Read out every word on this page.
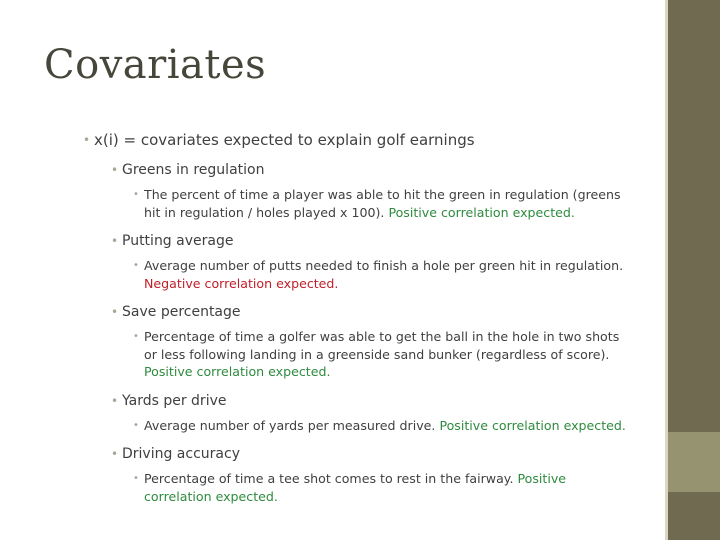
Covariates
• x(i) = covariates expected to explain golf earnings
• Greens in regulation
• The percent of time a player was able to hit the green in regulation (greens hit in regulation / holes played x 100). Positive correlation expected.
• Putting average
• Average number of putts needed to finish a hole per green hit in regulation. Negative correlation expected.
• Save percentage
• Percentage of time a golfer was able to get the ball in the hole in two shots or less following landing in a greenside sand bunker (regardless of score). Positive correlation expected.
• Yards per drive
• Average number of yards per measured drive. Positive correlation expected.
• Driving accuracy
• Percentage of time a tee shot comes to rest in the fairway. Positive correlation expected.
